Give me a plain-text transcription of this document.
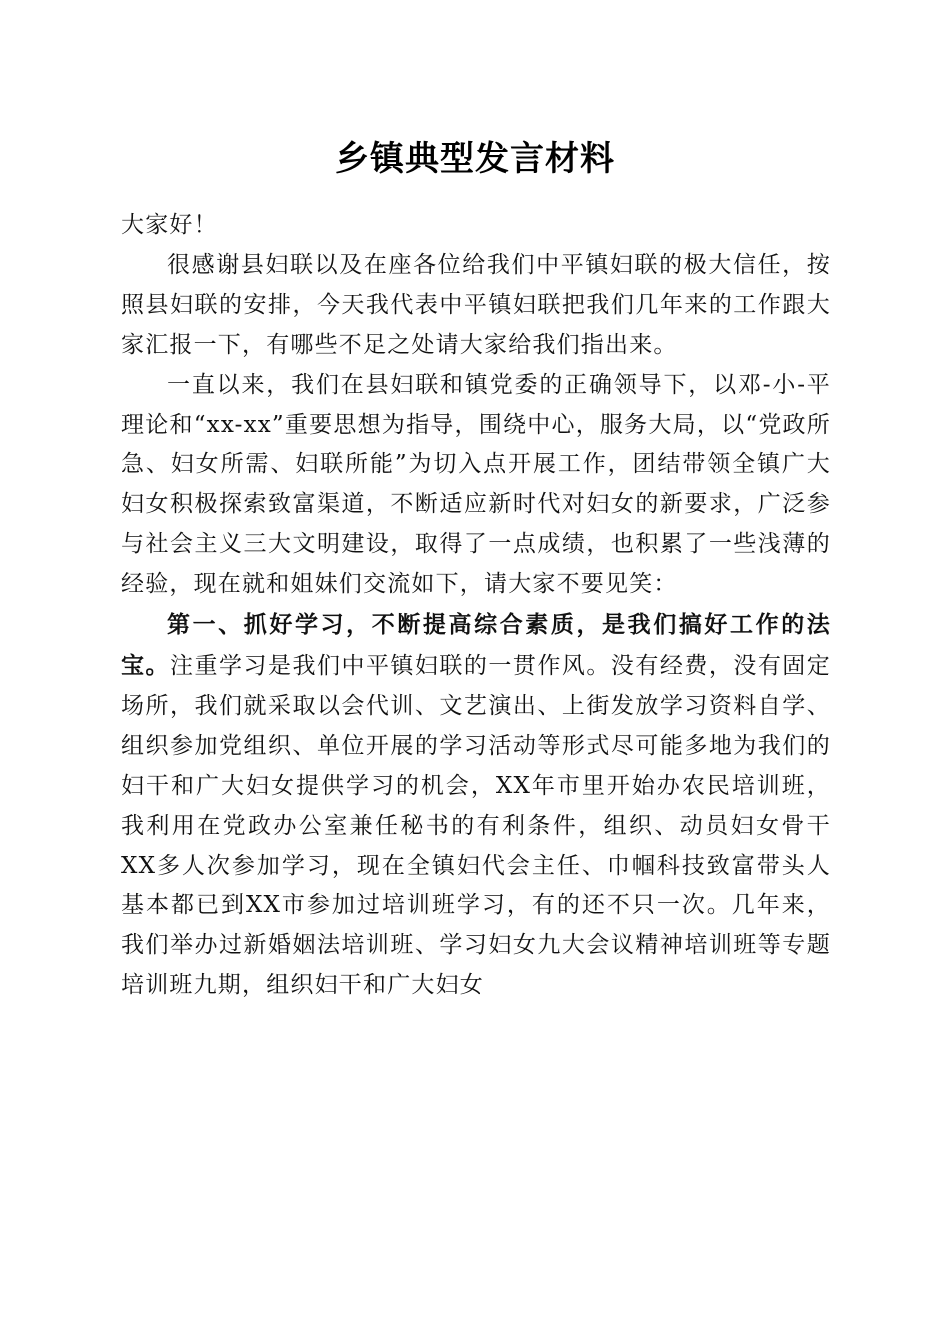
乡镇典型发言材料

大家好！

很感谢县妇联以及在座各位给我们中平镇妇联的极大信任，按照县妇联的安排，今天我代表中平镇妇联把我们几年来的工作跟大家汇报一下，有哪些不足之处请大家给我们指出来。

一直以来，我们在县妇联和镇党委的正确领导下，以邓-小-平理论和“xx-xx”重要思想为指导，围绕中心，服务大局，以“党政所急、妇女所需、妇联所能”为切入点开展工作，团结带领全镇广大妇女积极探索致富渠道，不断适应新时代对妇女的新要求，广泛参与社会主义三大文明建设，取得了一点成绩，也积累了一些浅薄的经验，现在就和姐妹们交流如下，请大家不要见笑：

第一、抓好学习，不断提高综合素质，是我们搞好工作的法宝。注重学习是我们中平镇妇联的一贯作风。没有经费，没有固定场所，我们就采取以会代训、文艺演出、上街发放学习资料自学、组织参加党组织、单位开展的学习活动等形式尽可能多地为我们的妇干和广大妇女提供学习的机会，XX年市里开始办农民培训班，我利用在党政办公室兼任秘书的有利条件，组织、动员妇女骨干XX多人次参加学习，现在全镇妇代会主任、巾帼科技致富带头人基本都已到XX市参加过培训班学习，有的还不只一次。几年来，我们举办过新婚姻法培训班、学习妇女九大会议精神培训班等专题培训班九期，组织妇干和广大妇女
